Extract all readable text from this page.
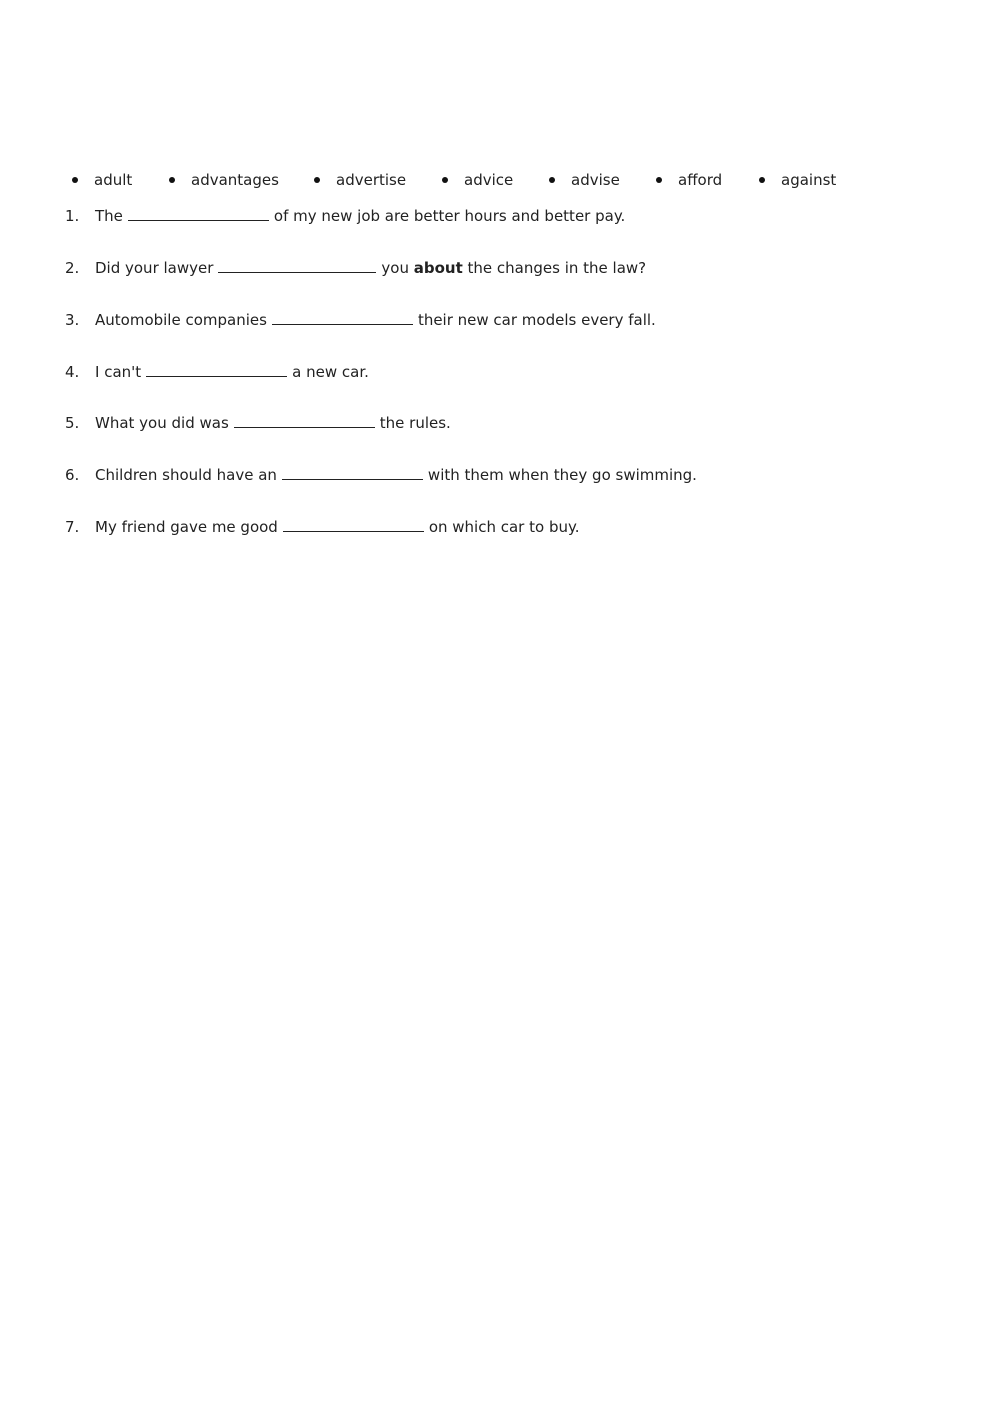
adult	advantages	advertise	advice	advise	afford	against
1. The	of my new job are better hours and better pay.
2. Did your lawyer	you about the changes in the law?
3. Automobile companies	their new car models every fall.
4. I can't	a new car.
5. What you did was	the rules.
6. Children should have an	with them when they go swimming.
7. My friend gave me good	on which car to buy.
